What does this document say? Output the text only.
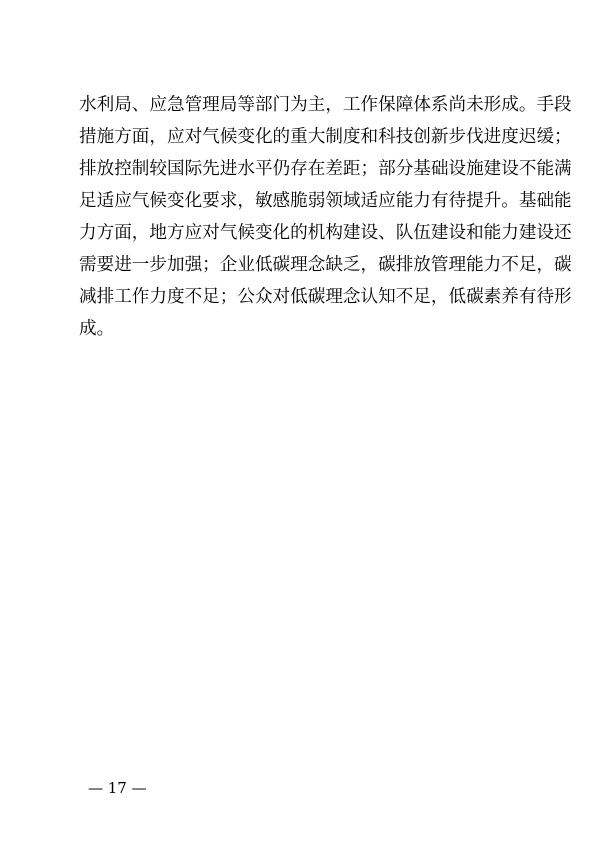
水利局、应急管理局等部门为主，工作保障体系尚未形成。手段
措施方面，应对气候变化的重大制度和科技创新步伐进度迟缓；
排放控制较国际先进水平仍存在差距；部分基础设施建设不能满
足适应气候变化要求，敏感脆弱领域适应能力有待提升。基础能
力方面，地方应对气候变化的机构建设、队伍建设和能力建设还
需要进一步加强；企业低碳理念缺乏，碳排放管理能力不足，碳
减排工作力度不足；公众对低碳理念认知不足，低碳素养有待形
成。
— 17 —
